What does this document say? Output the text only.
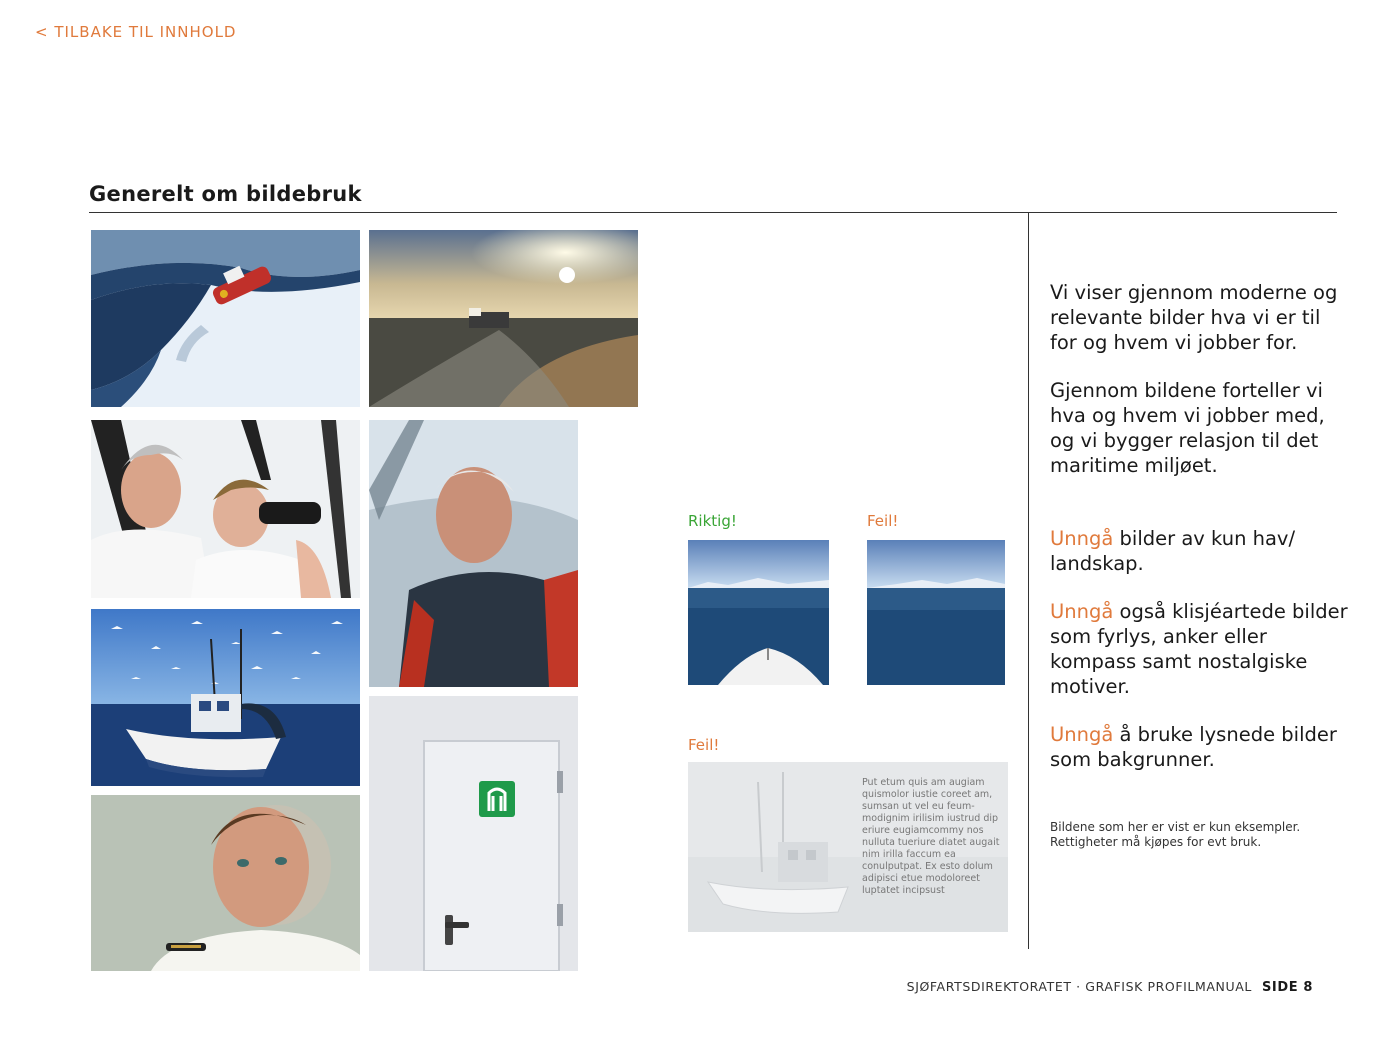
< TILBAKE TIL INNHOLD
Generelt om bildebruk
Riktig!	Feil!
Feil!
Put etum quis am augiam quismolor iustie coreet am, sumsan ut vel eu feum-modignim irilisim iustrud dip eriure eugiamcommy nos nulluta tueriure diatet augait nim irilla faccum ea conulputpat. Ex esto dolum adipisci etue modoloreet luptatet incipsust

Vi viser gjennom moderne og relevante bilder hva vi er til for og hvem vi jobber for.

Gjennom bildene forteller vi hva og hvem vi jobber med, og vi bygger relasjon til det maritime miljøet.

Unngå bilder av kun hav/ landskap.

Unngå også klisjéartede bilder som fyrlys, anker eller kompass samt nostalgiske motiver.

Unngå å bruke lysnede bilder som bakgrunner.

Bildene som her er vist er kun eksempler. Rettigheter må kjøpes for evt bruk.

SJØFARTSDIREKTORATET · GRAFISK PROFILMANUAL SIDE 8
